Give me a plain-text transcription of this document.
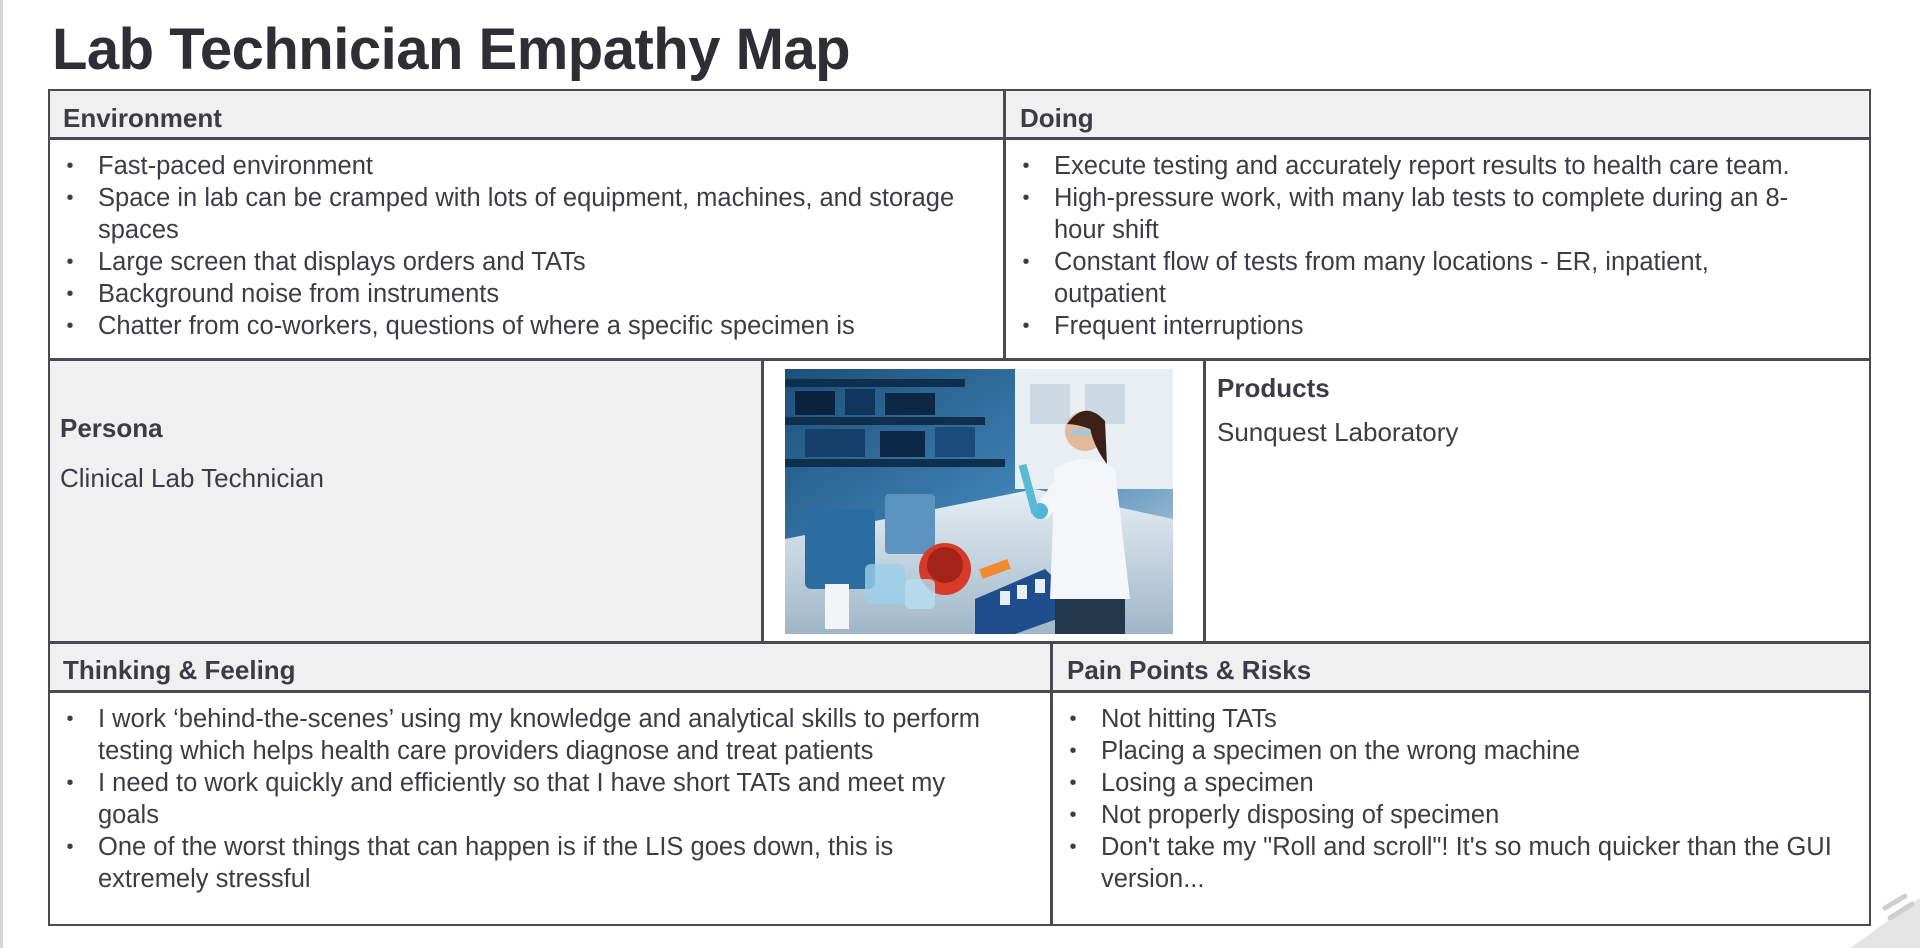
Lab Technician Empathy Map
Environment
• Fast-paced environment
• Space in lab can be cramped with lots of equipment, machines, and storage spaces
• Large screen that displays orders and TATs
• Background noise from instruments
• Chatter from co-workers, questions of where a specific specimen is
Doing
• Execute testing and accurately report results to health care team.
• High-pressure work, with many lab tests to complete during an 8-hour shift
• Constant flow of tests from many locations - ER, inpatient, outpatient
• Frequent interruptions
Persona
Clinical Lab Technician
Products
Sunquest Laboratory
Thinking & Feeling
• I work ‘behind-the-scenes’ using my knowledge and analytical skills to perform testing which helps health care providers diagnose and treat patients
• I need to work quickly and efficiently so that I have short TATs and meet my goals
• One of the worst things that can happen is if the LIS goes down, this is extremely stressful
Pain Points & Risks
• Not hitting TATs
• Placing a specimen on the wrong machine
• Losing a specimen
• Not properly disposing of specimen
• Don't take my "Roll and scroll"! It's so much quicker than the GUI version...
